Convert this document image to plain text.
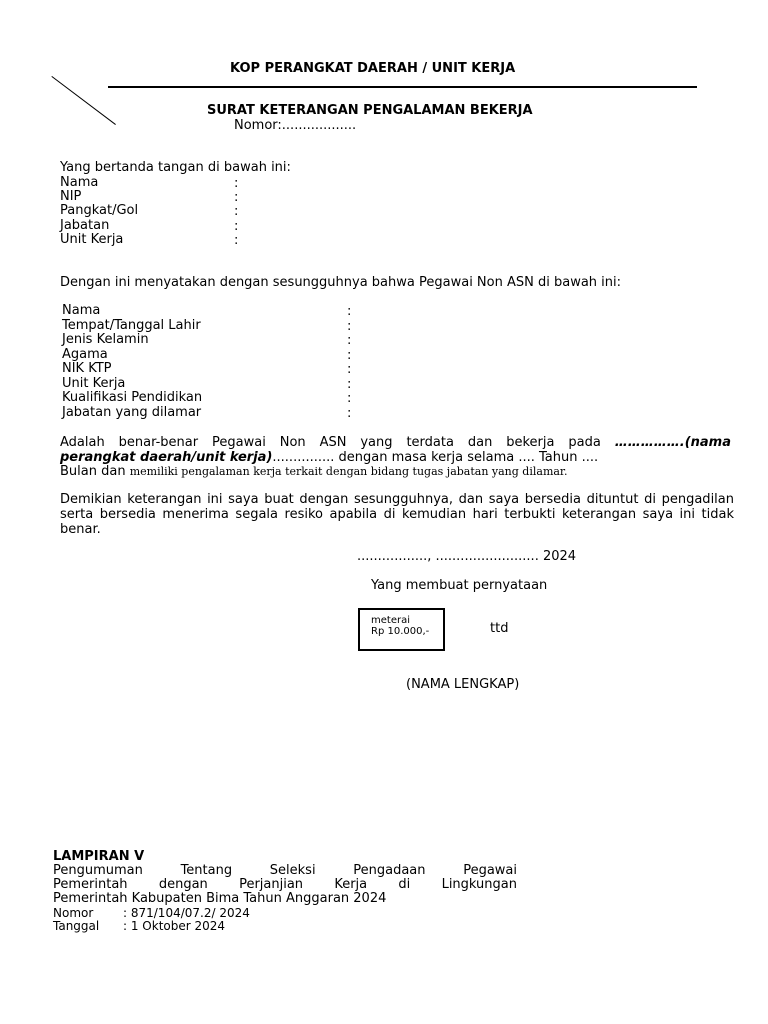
KOP PERANGKAT DAERAH / UNIT KERJA
SURAT KETERANGAN PENGALAMAN BEKERJA
Nomor:..................
Yang bertanda tangan di bawah ini:
Nama	:
NIP	:
Pangkat/Gol	:
Jabatan	:
Unit Kerja	:
Dengan ini menyatakan dengan sesungguhnya bahwa Pegawai Non ASN di bawah ini:
Nama	:
Tempat/Tanggal Lahir	:
Jenis Kelamin	:
Agama	:
NIK KTP	:
Unit Kerja	:
Kualifikasi Pendidikan	:
Jabatan yang dilamar	:
Adalah benar-benar Pegawai Non ASN yang terdata dan bekerja pada …………….(nama
perangkat daerah/unit kerja)............... dengan masa kerja selama .... Tahun ....
Bulan dan memiliki pengalaman kerja terkait dengan bidang tugas jabatan yang dilamar.
Demikian keterangan ini saya buat dengan sesungguhnya, dan saya bersedia dituntut di pengadilan serta bersedia menerima segala resiko apabila di kemudian hari terbukti keterangan saya ini tidak benar.
................., ......................... 2024
Yang membuat pernyataan
meterai
Rp 10.000,-	ttd
(NAMA LENGKAP)
LAMPIRAN V
Pengumuman Tentang Seleksi Pengadaan Pegawai
Pemerintah dengan Perjanjian Kerja di Lingkungan
Pemerintah Kabupaten Bima Tahun Anggaran 2024
Nomor : 871/104/07.2/ 2024
Tanggal : 1 Oktober 2024
